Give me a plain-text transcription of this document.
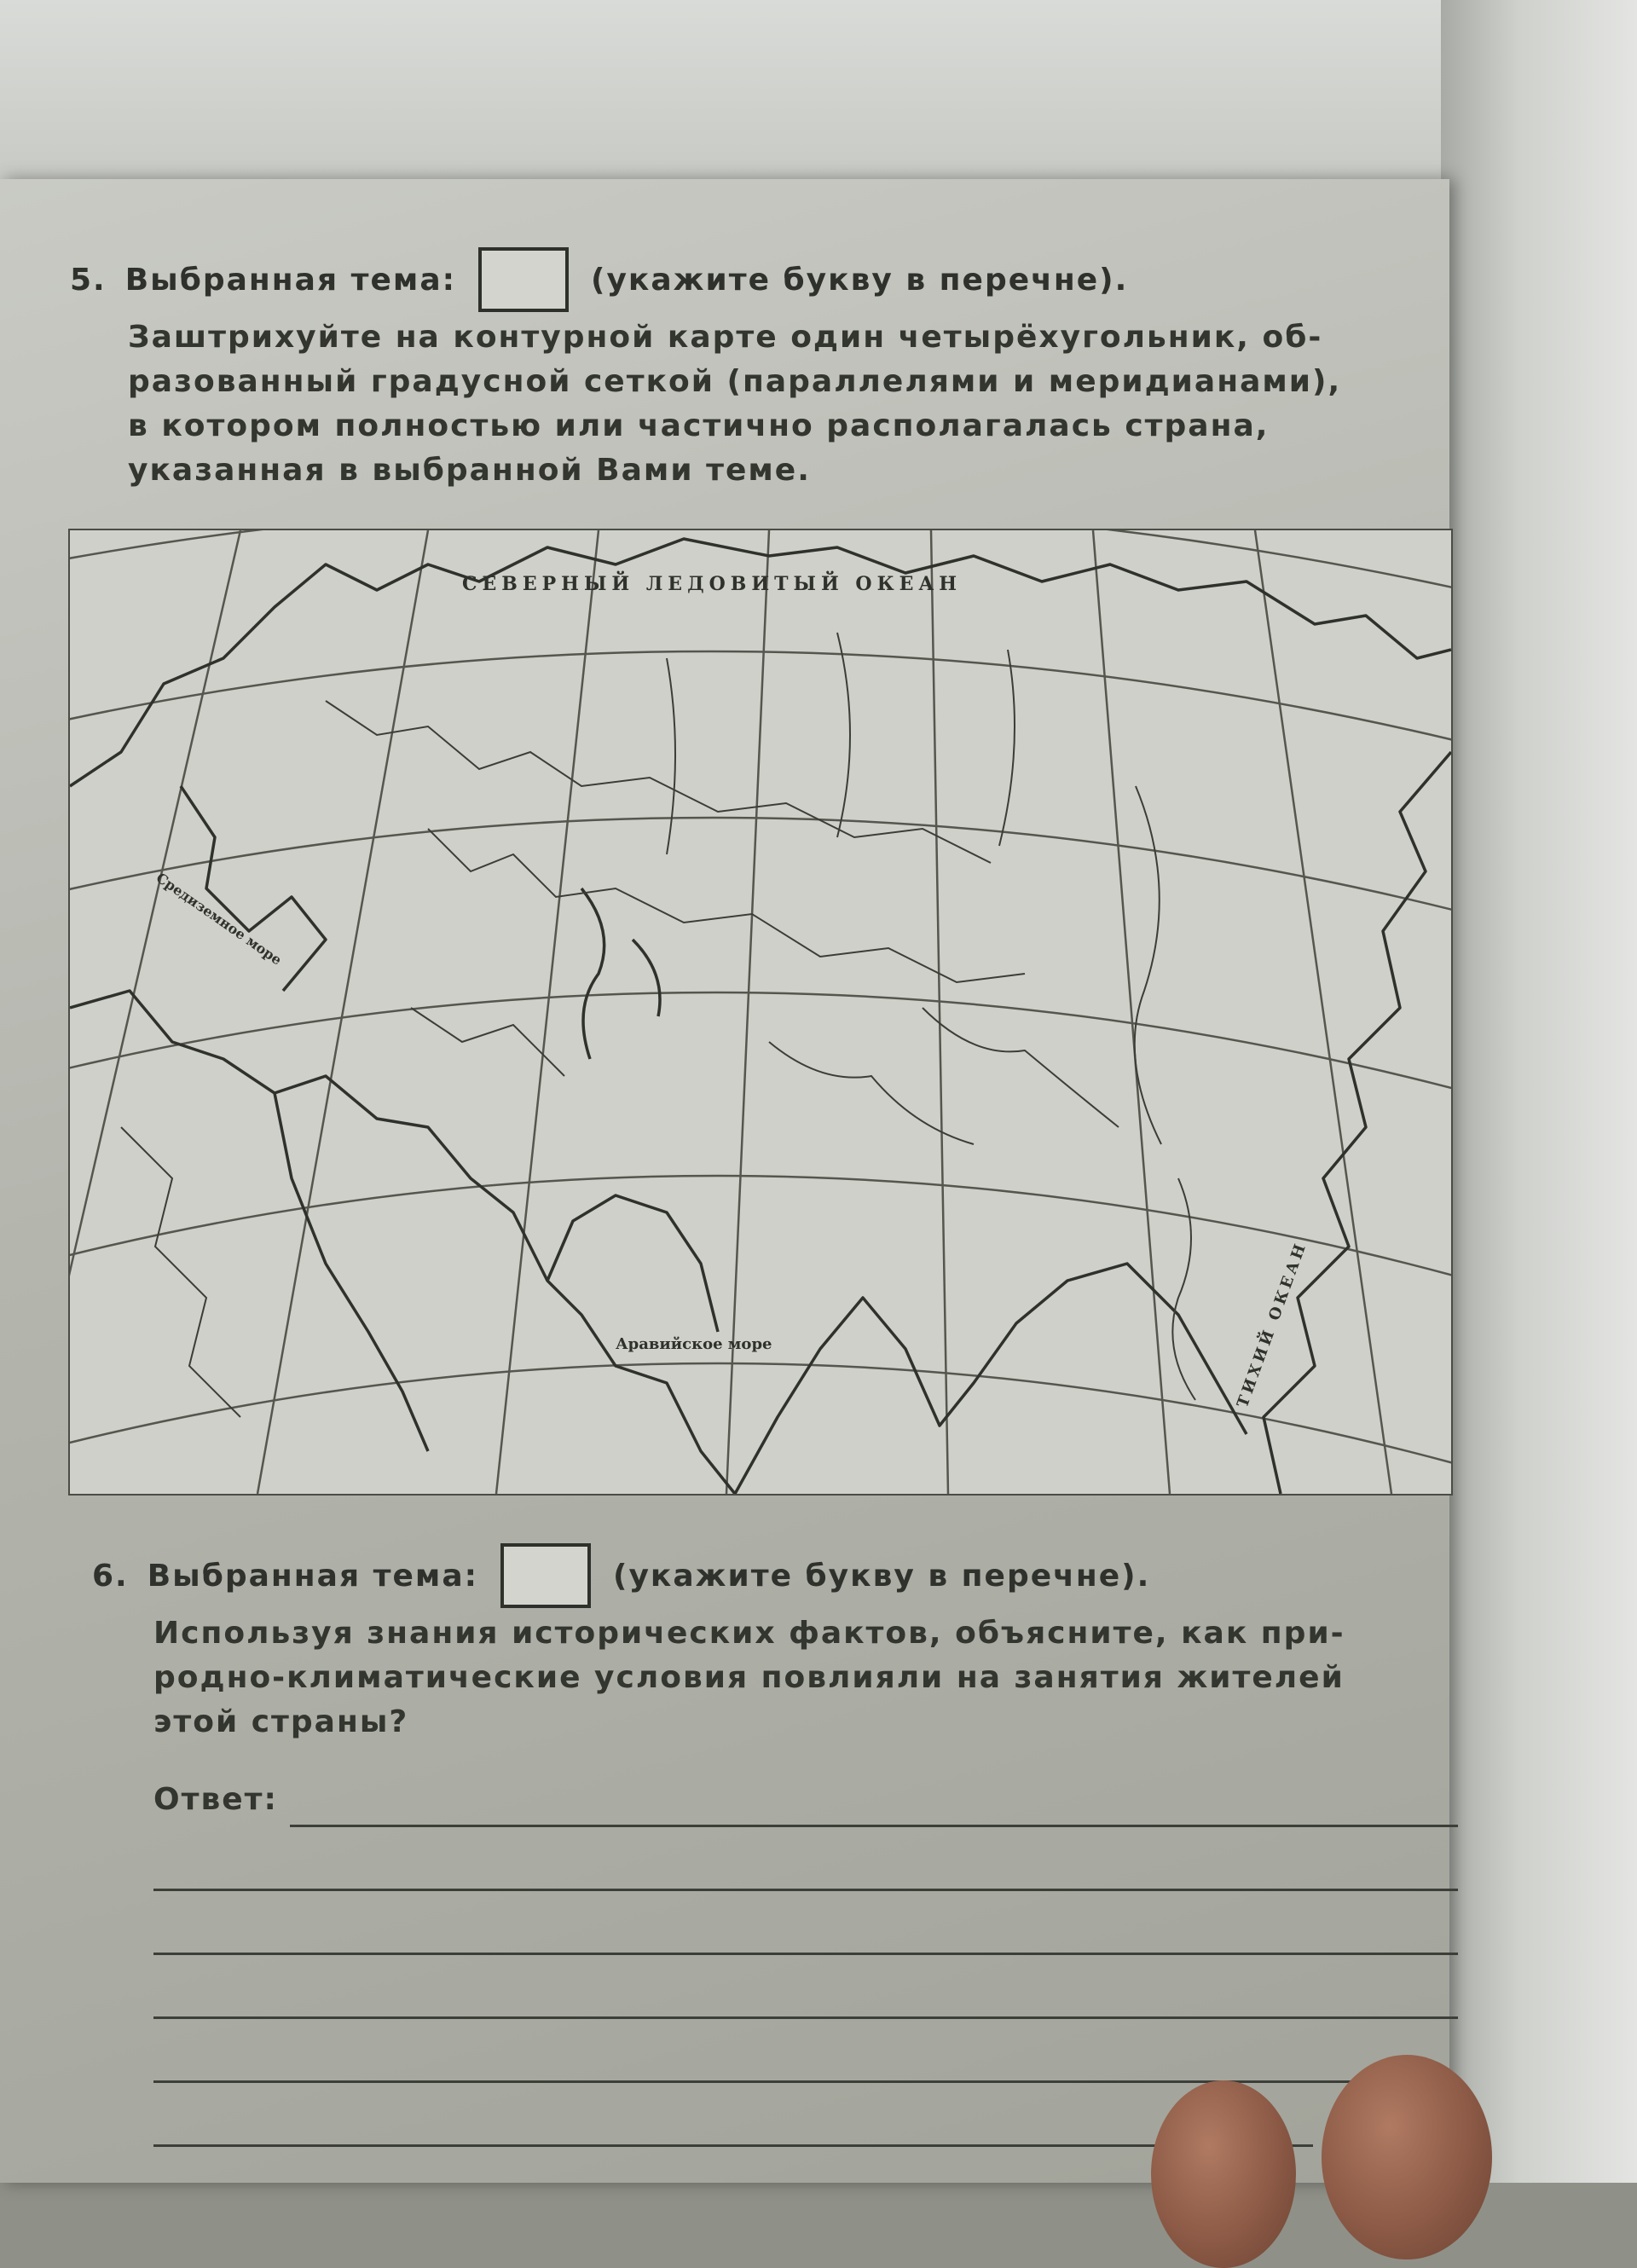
5. Выбранная тема:	(укажите букву в перечне).
Заштрихуйте на контурной карте один четырёхугольник, об-
разованный градусной сеткой (параллелями и меридианами),
в котором полностью или частично располагалась страна,
указанная в выбранной Вами теме.
СЕВЕРНЫЙ ЛЕДОВИТЫЙ ОКЕАН
Аравийское море	ТИХИЙ ОКЕАН
Средиземное море
6. Выбранная тема:	(укажите букву в перечне).
Используя знания исторических фактов, объясните, как при-
родно-климатические условия повлияли на занятия жителей
этой страны?
Ответ:
